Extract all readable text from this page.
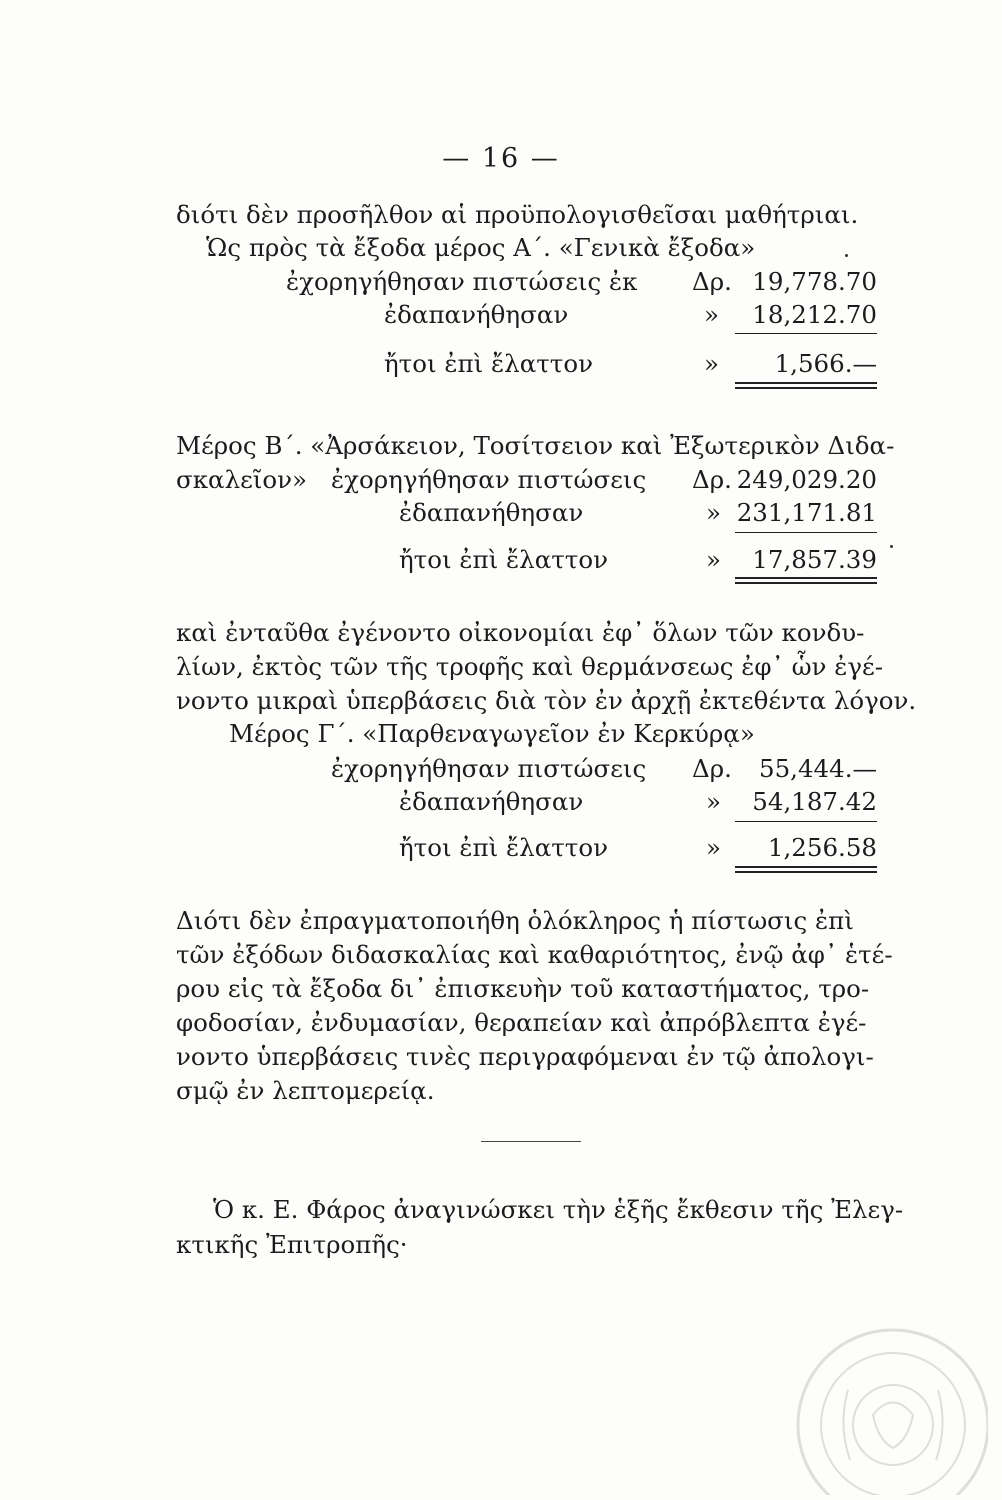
— 16 —
διότι δὲν προσῆλθον αἱ προϋπολογισθεῖσαι μαθήτριαι.
Ὡς πρὸς τὰ ἔξοδα μέρος Α΄. «Γενικὰ ἔξοδα»
ἐχορηγήθησαν πιστώσεις ἐκ Δρ. 19,778.70
ἐδαπανήθησαν	»	18,212.70
ἤτοι ἐπὶ ἔλαττον	»	1,566.—
Μέρος Β΄. «Ἀρσάκειον, Τοσίτσειον καὶ Ἐξωτερικὸν Διδα-
σκαλεῖον» ἐχορηγήθησαν πιστώσεις Δρ. 249,029.20
ἐδαπανήθησαν	» 231,171.81
ἤτοι ἐπὶ ἔλαττον	»	17,857.39
καὶ ἐνταῦθα ἐγένοντο οἰκονομίαι ἐφ᾽ ὅλων τῶν κονδυ-
λίων, ἐκτὸς τῶν τῆς τροφῆς καὶ θερμάνσεως ἐφ᾽ ὧν ἐγέ-
νοντο μικραὶ ὑπερβάσεις διὰ τὸν ἐν ἀρχῇ ἐκτεθέντα λόγον.
Μέρος Γ΄. «Παρθεναγωγεῖον ἐν Κερκύρᾳ»
ἐχορηγήθησαν πιστώσεις Δρ.	55,444.—
ἐδαπανήθησαν	»	54,187.42
ἤτοι ἐπὶ ἔλαττον	»	1,256.58
Διότι δὲν ἐπραγματοποιήθη ὁλόκληρος ἡ πίστωσις ἐπὶ
τῶν ἐξόδων διδασκαλίας καὶ καθαριότητος, ἐνῷ ἀφ᾽ ἑτέ-
ρου εἰς τὰ ἔξοδα δι᾽ ἐπισκευὴν τοῦ καταστήματος, τρο-
φοδοσίαν, ἐνδυμασίαν, θεραπείαν καὶ ἀπρόβλεπτα ἐγέ-
νοντο ὑπερβάσεις τινὲς περιγραφόμεναι ἐν τῷ ἀπολογι-
σμῷ ἐν λεπτομερείᾳ.
Ὁ κ. Ε. Φάρος ἀναγινώσκει τὴν ἑξῆς ἔκθεσιν τῆς Ἐλεγ-
κτικῆς Ἐπιτροπῆς·
